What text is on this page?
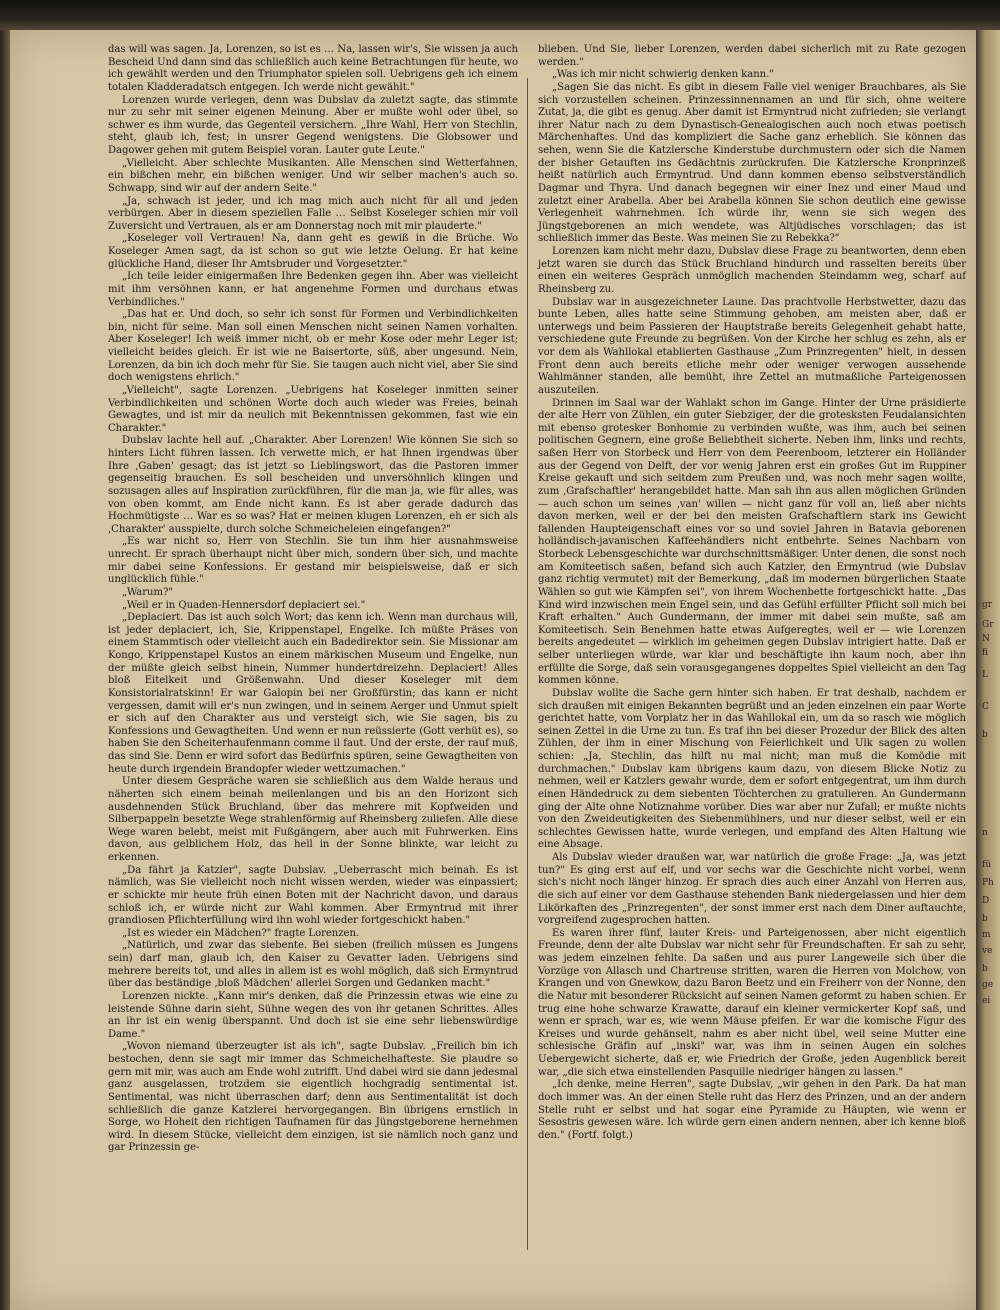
das will was sagen. Ja, Lorenzen, so ist es … Na, lassen wir's, Sie wissen ja auch Bescheid Und dann sind das schließlich auch keine Betrachtungen für heute, wo ich gewählt werden und den Triumphator spielen soll. Uebrigens geh ich einem totalen Kladderadatsch entgegen. Ich werde nicht gewählt."

Lorenzen wurde verlegen, denn was Dubslav da zuletzt sagte, das stimmte nur zu sehr mit seiner eigenen Meinung. Aber er mußte wohl oder übel, so schwer es ihm wurde, das Gegenteil versichern. „Ihre Wahl, Herr von Stechlin, steht, glaub ich, fest; in unsrer Gegend wenigstens. Die Globsower und Dagower gehen mit gutem Beispiel voran. Lauter gute Leute."

„Vielleicht. Aber schlechte Musikanten. Alle Menschen sind Wetterfahnen, ein bißchen mehr, ein bißchen weniger. Und wir selber machen's auch so. Schwapp, sind wir auf der andern Seite."

„Ja, schwach ist jeder, und ich mag mich auch nicht für all und jeden verbürgen. Aber in diesem speziellen Falle … Selbst Koseleger schien mir voll Zuversicht und Vertrauen, als er am Donnerstag noch mit mir plauderte."

„Koseleger voll Vertrauen! Na, dann geht es gewiß in die Brüche. Wo Koseleger Amen sagt, da ist schon so gut wie letzte Oelung. Er hat keine glückliche Hand, dieser Ihr Amtsbruder und Vorgesetzter."

„Ich teile leider einigermaßen Ihre Bedenken gegen ihn. Aber was vielleicht mit ihm versöhnen kann, er hat angenehme Formen und durchaus etwas Verbindliches."

„Das hat er. Und doch, so sehr ich sonst für Formen und Verbindlichkeiten bin, nicht für seine. Man soll einen Menschen nicht seinen Namen vorhalten. Aber Koseleger! Ich weiß immer nicht, ob er mehr Kose oder mehr Leger ist; vielleicht beides gleich. Er ist wie ne Baisertorte, süß, aber ungesund. Nein, Lorenzen, da bin ich doch mehr für Sie. Sie taugen auch nicht viel, aber Sie sind doch wenigstens ehrlich."

„Vielleicht", sagte Lorenzen. „Uebrigens hat Koseleger inmitten seiner Verbindlichkeiten und schönen Worte doch auch wieder was Freies, beinah Gewagtes, und ist mir da neulich mit Bekenntnissen gekommen, fast wie ein Charakter."

Dubslav lachte hell auf. „Charakter. Aber Lorenzen! Wie können Sie sich so hinters Licht führen lassen. Ich verwette mich, er hat Ihnen irgendwas über Ihre ‚Gaben' gesagt; das ist jetzt so Lieblingswort, das die Pastoren immer gegenseitig brauchen. Es soll bescheiden und unversöhnlich klingen und sozusagen alles auf Inspiration zurückführen, für die man ja, wie für alles, was von oben kommt, am Ende nicht kann. Es ist aber gerade dadurch das Hochmütigste … War es so was? Hat er meinen klugen Lorenzen, eh er sich als ‚Charakter' ausspielte, durch solche Schmeicheleien eingefangen?"

„Es war nicht so, Herr von Stechlin. Sie tun ihm hier ausnahmsweise unrecht. Er sprach überhaupt nicht über mich, sondern über sich, und machte mir dabei seine Konfessions. Er gestand mir beispielsweise, daß er sich unglücklich fühle."

„Warum?"

„Weil er in Quaden-Hennersdorf deplaciert sei."

„Deplaciert. Das ist auch solch Wort; das kenn ich. Wenn man durchaus will, ist jeder deplaciert, ich, Sie, Krippenstapel, Engelke. Ich müßte Präses von einem Stammtisch oder vielleicht auch ein Badedirektor sein. Sie Missionar am Kongo, Krippenstapel Kustos an einem märkischen Museum und Engelke, nun der müßte gleich selbst hinein, Nummer hundertdreizehn. Deplaciert! Alles bloß Eitelkeit und Größenwahn. Und dieser Koseleger mit dem Konsistorialratskinn! Er war Galopin bei ner Großfürstin; das kann er nicht vergessen, damit will er's nun zwingen, und in seinem Aerger und Unmut spielt er sich auf den Charakter aus und versteigt sich, wie Sie sagen, bis zu Konfessions und Gewagtheiten. Und wenn er nun reüssierte (Gott verhüt es), so haben Sie den Scheiterhaufenmann comme il faut. Und der erste, der rauf muß, das sind Sie. Denn er wird sofort das Bedürfnis spüren, seine Gewagtheiten von heute durch irgendein Brandopfer wieder wettzumachen."

Unter diesem Gespräche waren sie schließlich aus dem Walde heraus und näherten sich einem beinah meilenlangen und bis an den Horizont sich ausdehnenden Stück Bruchland, über das mehrere mit Kopfweiden und Silberpappeln besetzte Wege strahlenförmig auf Rheinsberg zuliefen. Alle diese Wege waren belebt, meist mit Fußgängern, aber auch mit Fuhrwerken. Eins davon, aus gelblichem Holz, das hell in der Sonne blinkte, war leicht zu erkennen.

„Da fährt ja Katzler", sagte Dubslav. „Ueberrascht mich beinah. Es ist nämlich, was Sie vielleicht noch nicht wissen werden, wieder was einpassiert; er schickte mir heute früh einen Boten mit der Nachricht davon, und daraus schloß ich, er würde nicht zur Wahl kommen. Aber Ermyntrud mit ihrer grandiosen Pflichterfüllung wird ihn wohl wieder fortgeschickt haben."

„Ist es wieder ein Mädchen?" fragte Lorenzen.

„Natürlich, und zwar das siebente. Bei sieben (freilich müssen es Jungens sein) darf man, glaub ich, den Kaiser zu Gevatter laden. Uebrigens sind mehrere bereits tot, und alles in allem ist es wohl möglich, daß sich Ermyntrud über das beständige ‚bloß Mädchen' allerlei Sorgen und Gedanken macht."

Lorenzen nickte. „Kann mir's denken, daß die Prinzessin etwas wie eine zu leistende Sühne darin sieht, Sühne wegen des von ihr getanen Schrittes. Alles an ihr ist ein wenig überspannt. Und doch ist sie eine sehr liebenswürdige Dame."

„Wovon niemand überzeugter ist als ich", sagte Dubslav. „Freilich bin ich bestochen, denn sie sagt mir immer das Schmeichelhafteste. Sie plaudre so gern mit mir, was auch am Ende wohl zutrifft. Und dabei wird sie dann jedesmal ganz ausgelassen, trotzdem sie eigentlich hochgradig sentimental ist. Sentimental, was nicht überraschen darf; denn aus Sentimentalität ist doch schließlich die ganze Katzlerei hervorgegangen. Bin übrigens ernstlich in Sorge, wo Hoheit den richtigen Taufnamen für das Jüngstgeborene hernehmen wird. In diesem Stücke, vielleicht dem einzigen, ist sie nämlich noch ganz und gar Prinzessin ge-

blieben. Und Sie, lieber Lorenzen, werden dabei sicherlich mit zu Rate gezogen werden."

„Was ich mir nicht schwierig denken kann."

„Sagen Sie das nicht. Es gibt in diesem Falle viel weniger Brauchbares, als Sie sich vorzustellen scheinen. Prinzessinnennamen an und für sich, ohne weitere Zutat, ja, die gibt es genug. Aber damit ist Ermyntrud nicht zufrieden; sie verlangt ihrer Natur nach zu dem Dynastisch-Genealogischen auch noch etwas poetisch Märchenhaftes. Und das kompliziert die Sache ganz erheblich. Sie können das sehen, wenn Sie die Katzlersche Kinderstube durchmustern oder sich die Namen der bisher Getauften ins Gedächtnis zurückrufen. Die Katzlersche Kronprinzeß heißt natürlich auch Ermyntrud. Und dann kommen ebenso selbstverständlich Dagmar und Thyra. Und danach begegnen wir einer Inez und einer Maud und zuletzt einer Arabella. Aber bei Arabella können Sie schon deutlich eine gewisse Verlegenheit wahrnehmen. Ich würde ihr, wenn sie sich wegen des Jüngstgeborenen an mich wendete, was Altjüdisches vorschlagen; das ist schließlich immer das Beste. Was meinen Sie zu Rebekka?"

Lorenzen kam nicht mehr dazu, Dubslav diese Frage zu beantworten, denn eben jetzt waren sie durch das Stück Bruchland hindurch und rasselten bereits über einen ein weiteres Gespräch unmöglich machenden Steindamm weg, scharf auf Rheinsberg zu.

Dubslav war in ausgezeichneter Laune. Das prachtvolle Herbstwetter, dazu das bunte Leben, alles hatte seine Stimmung gehoben, am meisten aber, daß er unterwegs und beim Passieren der Hauptstraße bereits Gelegenheit gehabt hatte, verschiedene gute Freunde zu begrüßen. Von der Kirche her schlug es zehn, als er vor dem als Wahllokal etablierten Gasthause „Zum Prinzregenten" hielt, in dessen Front denn auch bereits etliche mehr oder weniger verwogen aussehende Wahlmänner standen, alle bemüht, ihre Zettel an mutmaßliche Parteigenossen auszuteilen.

Drinnen im Saal war der Wahlakt schon im Gange. Hinter der Urne präsidierte der alte Herr von Zühlen, ein guter Siebziger, der die grotesksten Feudalansichten mit ebenso grotesker Bonhomie zu verbinden wußte, was ihm, auch bei seinen politischen Gegnern, eine große Beliebtheit sicherte. Neben ihm, links und rechts, saßen Herr von Storbeck und Herr von dem Peerenboom, letzterer ein Holländer aus der Gegend von Delft, der vor wenig Jahren erst ein großes Gut im Ruppiner Kreise gekauft und sich seitdem zum Preußen und, was noch mehr sagen wollte, zum ‚Grafschaftler' herangebildet hatte. Man sah ihn aus allen möglichen Gründen — auch schon um seines ‚van' willen — nicht ganz für voll an, ließ aber nichts davon merken, weil er der bei den meisten Grafschaftlern stark ins Gewicht fallenden Haupteigenschaft eines vor so und soviel Jahren in Batavia geborenen holländisch-javanischen Kaffeehändlers nicht entbehrte. Seines Nachbarn von Storbeck Lebensgeschichte war durchschnittsmäßiger. Unter denen, die sonst noch am Komiteetisch saßen, befand sich auch Katzler, den Ermyntrud (wie Dubslav ganz richtig vermutet) mit der Bemerkung, „daß im modernen bürgerlichen Staate Wählen so gut wie Kämpfen sei", von ihrem Wochenbette fortgeschickt hatte. „Das Kind wird inzwischen mein Engel sein, und das Gefühl erfüllter Pflicht soll mich bei Kraft erhalten." Auch Gundermann, der immer mit dabei sein mußte, saß am Komiteetisch. Sein Benehmen hatte etwas Aufgeregtes, weil er — wie Lorenzen bereits angedeutet — wirklich im geheimen gegen Dubslav intrigiert hatte. Daß er selber unterliegen würde, war klar und beschäftigte ihn kaum noch, aber ihn erfüllte die Sorge, daß sein vorausgegangenes doppeltes Spiel vielleicht an den Tag kommen könne.

Dubslav wollte die Sache gern hinter sich haben. Er trat deshalb, nachdem er sich draußen mit einigen Bekannten begrüßt und an jeden einzelnen ein paar Worte gerichtet hatte, vom Vorplatz her in das Wahllokal ein, um da so rasch wie möglich seinen Zettel in die Urne zu tun. Es traf ihn bei dieser Prozedur der Blick des alten Zühlen, der ihm in einer Mischung von Feierlichkeit und Ulk sagen zu wollen schien: „Ja, Stechlin, das hilft nu mal nicht; man muß die Komödie mit durchmachen." Dubslav kam übrigens kaum dazu, von diesem Blicke Notiz zu nehmen, weil er Katzlers gewahr wurde, dem er sofort entgegentrat, um ihm durch einen Händedruck zu dem siebenten Töchterchen zu gratulieren. An Gundermann ging der Alte ohne Notiznahme vorüber. Dies war aber nur Zufall; er mußte nichts von den Zweideutigkeiten des Siebenmühlners, und nur dieser selbst, weil er ein schlechtes Gewissen hatte, wurde verlegen, und empfand des Alten Haltung wie eine Absage.

Als Dubslav wieder draußen war, war natürlich die große Frage: „Ja, was jetzt tun?" Es ging erst auf elf, und vor sechs war die Geschichte nicht vorbei, wenn sich's nicht noch länger hinzog. Er sprach dies auch einer Anzahl von Herren aus, die sich auf einer vor dem Gasthause stehenden Bank niedergelassen und hier dem Likörkaften des „Prinzregenten", der sonst immer erst nach dem Diner auftauchte, vorgreifend zugesprochen hatten.

Es waren ihrer fünf, lauter Kreis- und Parteigenossen, aber nicht eigentlich Freunde, denn der alte Dubslav war nicht sehr für Freundschaften. Er sah zu sehr, was jedem einzelnen fehlte. Da saßen und aus purer Langeweile sich über die Vorzüge von Allasch und Chartreuse stritten, waren die Herren von Molchow, von Krangen und von Gnewkow, dazu Baron Beetz und ein Freiherr von der Nonne, den die Natur mit besonderer Rücksicht auf seinen Namen geformt zu haben schien. Er trug eine hohe schwarze Krawatte, darauf ein kleiner vermickerter Kopf saß, und wenn er sprach, war es, wie wenn Mäuse pfeifen. Er war die komische Figur des Kreises und wurde gehänselt, nahm es aber nicht übel, weil seine Mutter eine schlesische Gräfin auf „inski" war, was ihm in seinen Augen ein solches Uebergewicht sicherte, daß er, wie Friedrich der Große, jeden Augenblick bereit war, „die sich etwa einstellenden Pasquille niedriger hängen zu lassen."

„Ich denke, meine Herren", sagte Dubslav, „wir gehen in den Park. Da hat man doch immer was. An der einen Stelle ruht das Herz des Prinzen, und an der andern Stelle ruht er selbst und hat sogar eine Pyramide zu Häupten, wie wenn er Sesostris gewesen wäre. Ich würde gern einen andern nennen, aber ich kenne bloß den." (Fortf. folgt.)

gr
Gr
N
fi
L
C
b
n
fü
Ph
D
b
m
ve
b
ge
ei
